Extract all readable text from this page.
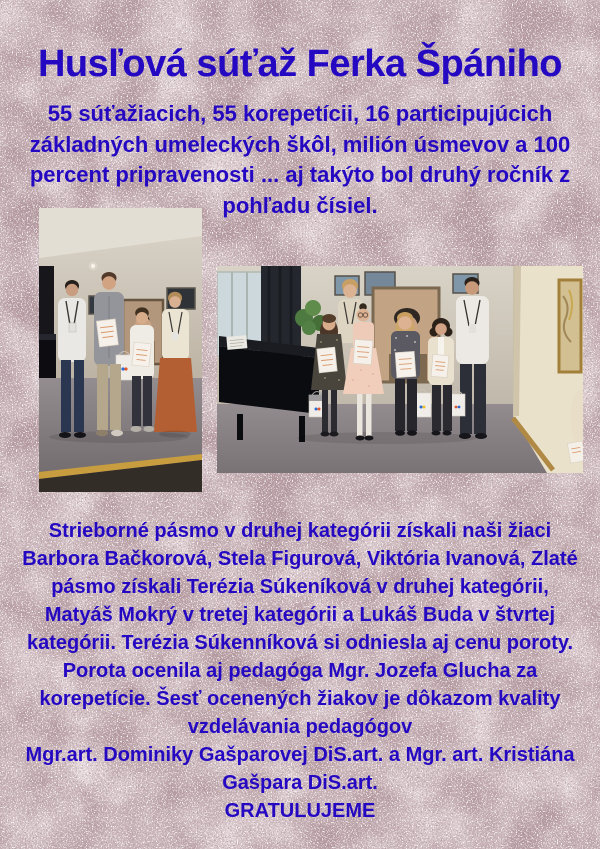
Husľová súťaž Ferka Špániho
55 súťažiacich, 55 korepetícii, 16 participujúcich
základných umeleckých škôl, milión úsmevov a 100
percent pripravenosti ... aj takýto bol druhý ročník z
pohľadu čísiel.
Strieborné pásmo v druhej kategórii získali naši žiaci
Barbora Bačkorová, Stela Figurová, Viktória Ivanová, Zlaté
pásmo získali Terézia Súkeníková v druhej kategórii,
Matyáš Mokrý v tretej kategórii a Lukáš Buda v štvrtej
kategórii. Terézia Súkenníková si odniesla aj cenu poroty.
Porota ocenila aj pedagóga Mgr. Jozefa Glucha za
korepetície. Šesť ocenených žiakov je dôkazom kvality
vzdelávania pedagógov
Mgr.art. Dominiky Gašparovej DiS.art. a Mgr. art. Kristiána
Gašpara DiS.art.
GRATULUJEME
